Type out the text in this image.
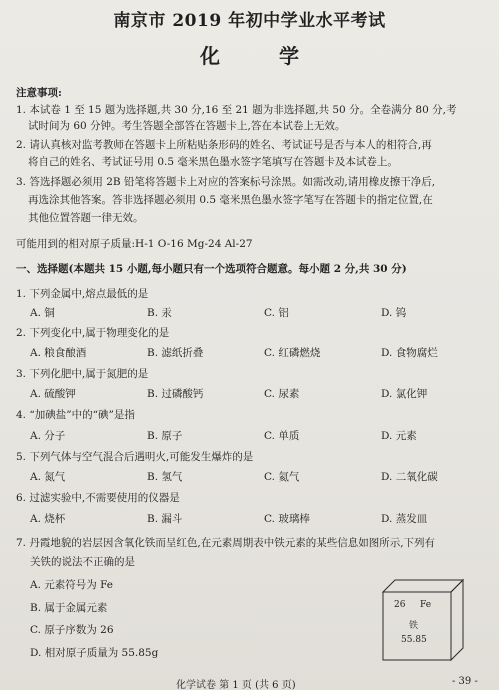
南京市 2019 年初中学业水平考试
化 学
注意事项:
1. 本试卷 1 至 15 题为选择题,共 30 分,16 至 21 题为非选择题,共 50 分。全卷满分 80 分,考
试时间为 60 分钟。考生答题全部答在答题卡上,答在本试卷上无效。
2. 请认真核对监考教师在答题卡上所粘贴条形码的姓名、考试证号是否与本人的相符合,再
将自己的姓名、考试证号用 0.5 毫米黑色墨水签字笔填写在答题卡及本试卷上。
3. 答选择题必须用 2B 铅笔将答题卡上对应的答案标号涂黑。如需改动,请用橡皮擦干净后,
再选涂其他答案。答非选择题必须用 0.5 毫米黑色墨水签字笔写在答题卡的指定位置,在
其他位置答题一律无效。
可能用到的相对原子质量:H-1 O-16 Mg-24 Al-27
一、选择题(本题共 15 小题,每小题只有一个选项符合题意。每小题 2 分,共 30 分)
1. 下列金属中,熔点最低的是
A. 铜	B. 汞	C. 铝	D. 钨
2. 下列变化中,属于物理变化的是
A. 粮食酿酒	B. 滤纸折叠	C. 红磷燃烧	D. 食物腐烂
3. 下列化肥中,属于氮肥的是
A. 硫酸钾	B. 过磷酸钙	C. 尿素	D. 氯化钾
4. “加碘盐”中的“碘”是指
A. 分子	B. 原子	C. 单质	D. 元素
5. 下列气体与空气混合后遇明火,可能发生爆炸的是
A. 氮气	B. 氢气	C. 氦气	D. 二氧化碳
6. 过滤实验中,不需要使用的仪器是
A. 烧杯	B. 漏斗	C. 玻璃棒	D. 蒸发皿
7. 丹霞地貌的岩层因含氧化铁而呈红色,在元素周期表中铁元素的某些信息如图所示,下列有
关铁的说法不正确的是
A. 元素符号为 Fe
B. 属于金属元素
C. 原子序数为 26
D. 相对原子质量为 55.85g
26 Fe
铁
55.85
化学试卷 第 1 页 (共 6 页)	- 39 -
